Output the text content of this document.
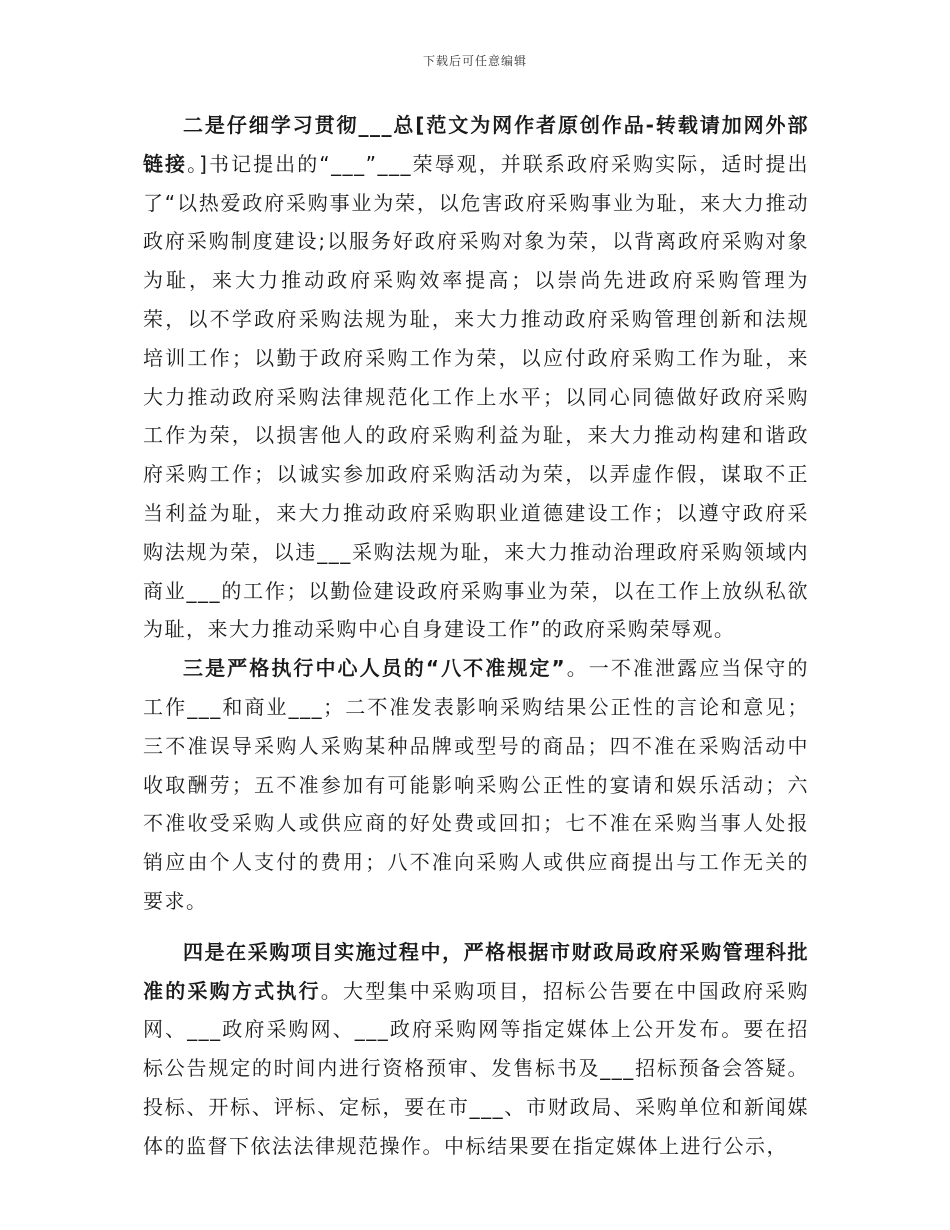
下载后可任意编辑

二是仔细学习贯彻___总[范文为网作者原创作品-转载请加网外部链接。]书记提出的“___”___荣辱观，并联系政府采购实际，适时提出了“以热爱政府采购事业为荣，以危害政府采购事业为耻，来大力推动政府采购制度建设;以服务好政府采购对象为荣，以背离政府采购对象为耻，来大力推动政府采购效率提高；以崇尚先进政府采购管理为荣，以不学政府采购法规为耻，来大力推动政府采购管理创新和法规培训工作；以勤于政府采购工作为荣，以应付政府采购工作为耻，来大力推动政府采购法律规范化工作上水平；以同心同德做好政府采购工作为荣，以损害他人的政府采购利益为耻，来大力推动构建和谐政府采购工作；以诚实参加政府采购活动为荣，以弄虚作假，谋取不正当利益为耻，来大力推动政府采购职业道德建设工作；以遵守政府采购法规为荣，以违___采购法规为耻，来大力推动治理政府采购领域内商业___的工作；以勤俭建设政府采购事业为荣，以在工作上放纵私欲为耻，来大力推动采购中心自身建设工作”的政府采购荣辱观。

三是严格执行中心人员的“八不准规定”。一不准泄露应当保守的工作___和商业___；二不准发表影响采购结果公正性的言论和意见；三不准误导采购人采购某种品牌或型号的商品；四不准在采购活动中收取酬劳；五不准参加有可能影响采购公正性的宴请和娱乐活动；六不准收受采购人或供应商的好处费或回扣；七不准在采购当事人处报销应由个人支付的费用；八不准向采购人或供应商提出与工作无关的要求。

四是在采购项目实施过程中，严格根据市财政局政府采购管理科批准的采购方式执行。大型集中采购项目，招标公告要在中国政府采购网、___政府采购网、___政府采购网等指定媒体上公开发布。要在招标公告规定的时间内进行资格预审、发售标书及___招标预备会答疑。投标、开标、评标、定标，要在市___、市财政局、采购单位和新闻媒体的监督下依法法律规范操作。中标结果要在指定媒体上进行公示，
